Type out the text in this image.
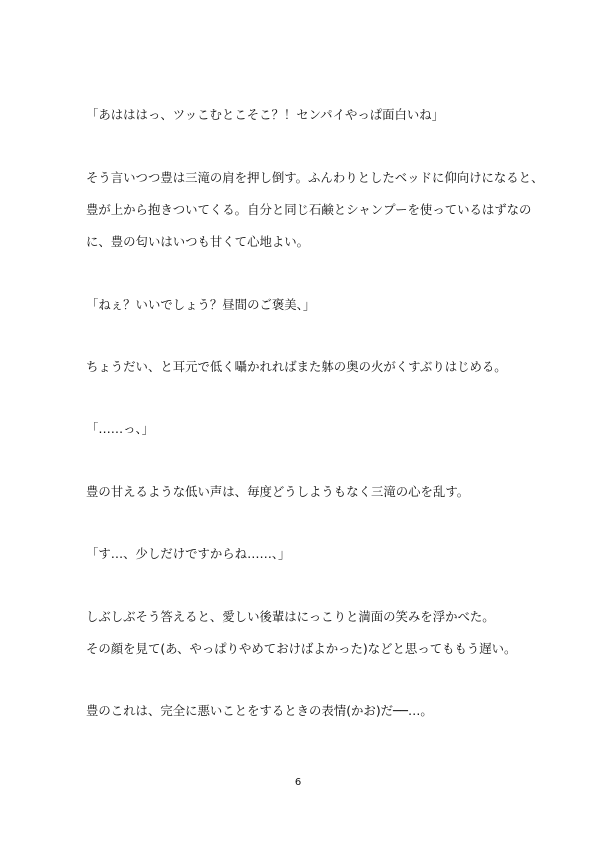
「あはははっ、ツッこむとこそこ？！センパイやっぱ面白いね」
そう言いつつ豊は三滝の肩を押し倒す。ふんわりとしたベッドに仰向けになると、
豊が上から抱きついてくる。自分と同じ石鹸とシャンプーを使っているはずなの
に、豊の匂いはいつも甘くて心地よい。
「ねぇ？いいでしょう？昼間のご褒美、」
ちょうだい、と耳元で低く囁かれればまた躰の奥の火がくすぶりはじめる。
「……っ、」
豊の甘えるような低い声は、毎度どうしようもなく三滝の心を乱す。
「す…、少しだけですからね……、」
しぶしぶそう答えると、愛しい後輩はにっこりと満面の笑みを浮かべた。
その顔を見て(あ、やっぱりやめておけばよかった)などと思ってももう遅い。
豊のこれは、完全に悪いことをするときの表情(かお)だ──…。
6
